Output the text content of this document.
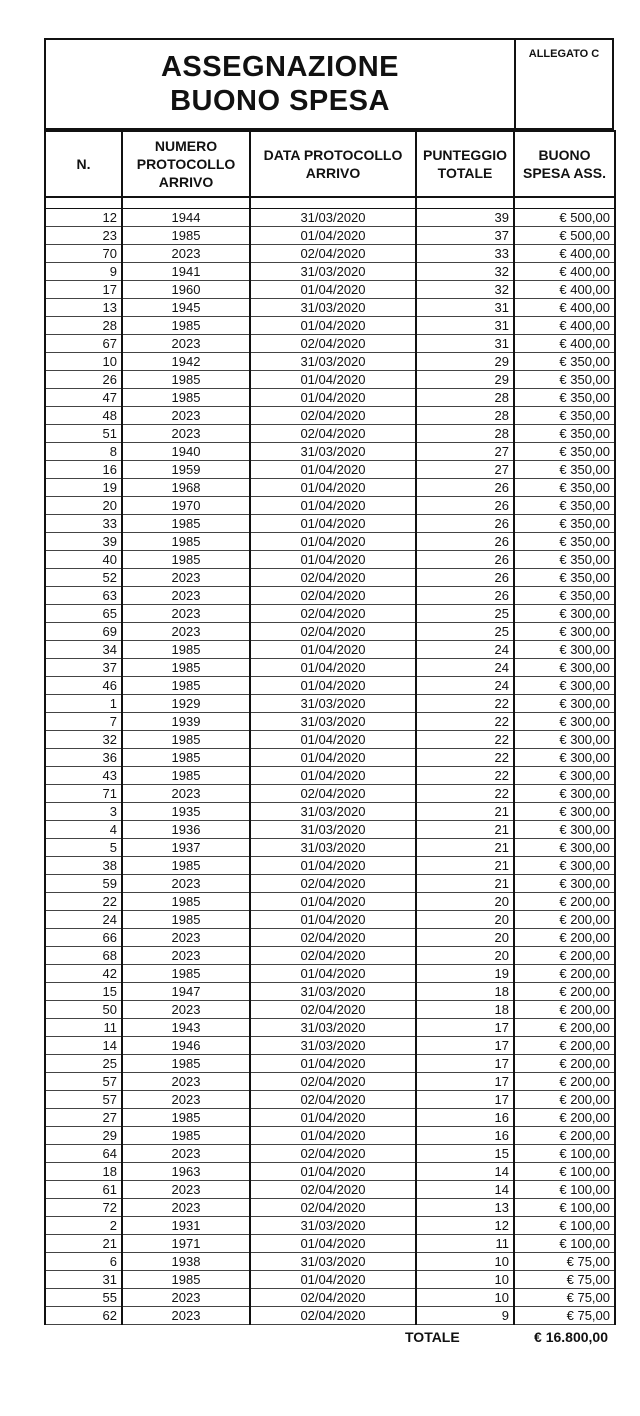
ASSEGNAZIONE
BUONO SPESA
ALLEGATO C
N.	NUMERO PROTOCOLLO ARRIVO	DATA PROTOCOLLO ARRIVO	PUNTEGGIO TOTALE	BUONO SPESA ASS.

12	1944	31/03/2020	39	€ 500,00
23	1985	01/04/2020	37	€ 500,00
70	2023	02/04/2020	33	€ 400,00
9	1941	31/03/2020	32	€ 400,00
17	1960	01/04/2020	32	€ 400,00
13	1945	31/03/2020	31	€ 400,00
28	1985	01/04/2020	31	€ 400,00
67	2023	02/04/2020	31	€ 400,00
10	1942	31/03/2020	29	€ 350,00
26	1985	01/04/2020	29	€ 350,00
47	1985	01/04/2020	28	€ 350,00
48	2023	02/04/2020	28	€ 350,00
51	2023	02/04/2020	28	€ 350,00
8	1940	31/03/2020	27	€ 350,00
16	1959	01/04/2020	27	€ 350,00
19	1968	01/04/2020	26	€ 350,00
20	1970	01/04/2020	26	€ 350,00
33	1985	01/04/2020	26	€ 350,00
39	1985	01/04/2020	26	€ 350,00
40	1985	01/04/2020	26	€ 350,00
52	2023	02/04/2020	26	€ 350,00
63	2023	02/04/2020	26	€ 350,00
65	2023	02/04/2020	25	€ 300,00
69	2023	02/04/2020	25	€ 300,00
34	1985	01/04/2020	24	€ 300,00
37	1985	01/04/2020	24	€ 300,00
46	1985	01/04/2020	24	€ 300,00
1	1929	31/03/2020	22	€ 300,00
7	1939	31/03/2020	22	€ 300,00
32	1985	01/04/2020	22	€ 300,00
36	1985	01/04/2020	22	€ 300,00
43	1985	01/04/2020	22	€ 300,00
71	2023	02/04/2020	22	€ 300,00
3	1935	31/03/2020	21	€ 300,00
4	1936	31/03/2020	21	€ 300,00
5	1937	31/03/2020	21	€ 300,00
38	1985	01/04/2020	21	€ 300,00
59	2023	02/04/2020	21	€ 300,00
22	1985	01/04/2020	20	€ 200,00
24	1985	01/04/2020	20	€ 200,00
66	2023	02/04/2020	20	€ 200,00
68	2023	02/04/2020	20	€ 200,00
42	1985	01/04/2020	19	€ 200,00
15	1947	31/03/2020	18	€ 200,00
50	2023	02/04/2020	18	€ 200,00
11	1943	31/03/2020	17	€ 200,00
14	1946	31/03/2020	17	€ 200,00
25	1985	01/04/2020	17	€ 200,00
57	2023	02/04/2020	17	€ 200,00
57	2023	02/04/2020	17	€ 200,00
27	1985	01/04/2020	16	€ 200,00
29	1985	01/04/2020	16	€ 200,00
64	2023	02/04/2020	15	€ 100,00
18	1963	01/04/2020	14	€ 100,00
61	2023	02/04/2020	14	€ 100,00
72	2023	02/04/2020	13	€ 100,00
2	1931	31/03/2020	12	€ 100,00
21	1971	01/04/2020	11	€ 100,00
6	1938	31/03/2020	10	€ 75,00
31	1985	01/04/2020	10	€ 75,00
55	2023	02/04/2020	10	€ 75,00
62	2023	02/04/2020	9	€ 75,00
TOTALE	€ 16.800,00
